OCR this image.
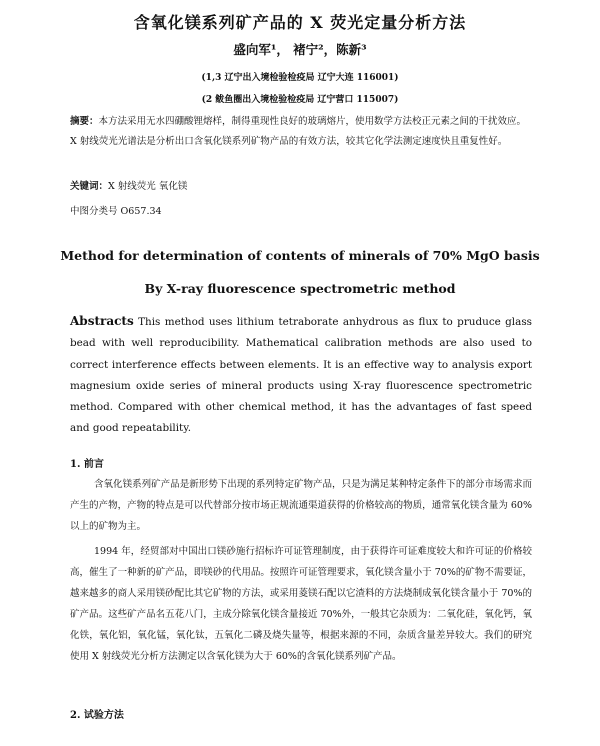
含氧化镁系列矿产品的 X 荧光定量分析方法
盛向军¹， 褚宁²，陈新³
(1,3 辽宁出入境检验检疫局 辽宁大连 116001)
(2 鲅鱼圈出入境检验检疫局 辽宁营口 115007)
摘要：本方法采用无水四硼酸锂熔样，制得重现性良好的玻璃熔片，使用数学方法校正元素之间的干扰效应。X 射线荧光光谱法是分析出口含氧化镁系列矿物产品的有效方法，较其它化学法测定速度快且重复性好。
关键词：X 射线荧光 氧化镁
中图分类号 O657.34
Method for determination of contents of minerals of 70% MgO basis
By X-ray fluorescence spectrometric method
Abstracts This method uses lithium tetraborate anhydrous as flux to pruduce glass bead with well reproducibility. Mathematical calibration methods are also used to correct interference effects between elements. It is an effective way to analysis export magnesium oxide series of mineral products using X-ray fluorescence spectrometric method. Compared with other chemical method, it has the advantages of fast speed and good repeatability.
1. 前言
含氧化镁系列矿产品是新形势下出现的系列特定矿物产品，只是为满足某种特定条件下的部分市场需求而产生的产物，产物的特点是可以代替部分按市场正规流通渠道获得的价格较高的物质，通常氧化镁含量为 60%以上的矿物为主。
1994 年，经贸部对中国出口镁砂施行招标许可证管理制度，由于获得许可证难度较大和许可证的价格较高，催生了一种新的矿产品，即镁砂的代用品。按照许可证管理要求，氧化镁含量小于 70%的矿物不需要证，越来越多的商人采用镁砂配比其它矿物的方法，或采用菱镁石配以它渣料的方法烧制成氧化镁含量小于 70%的矿产品。这些矿产品名五花八门，主成分除氧化镁含量接近 70%外，一般其它杂质为：二氧化硅，氧化钙，氧化铁，氧化铝，氧化锰，氧化钛，五氧化二磷及烧失量等，根据来源的不同，杂质含量差异较大。我们的研究使用 X 射线荧光分析方法测定以含氧化镁为大于 60%的含氧化镁系列矿产品。
2. 试验方法
